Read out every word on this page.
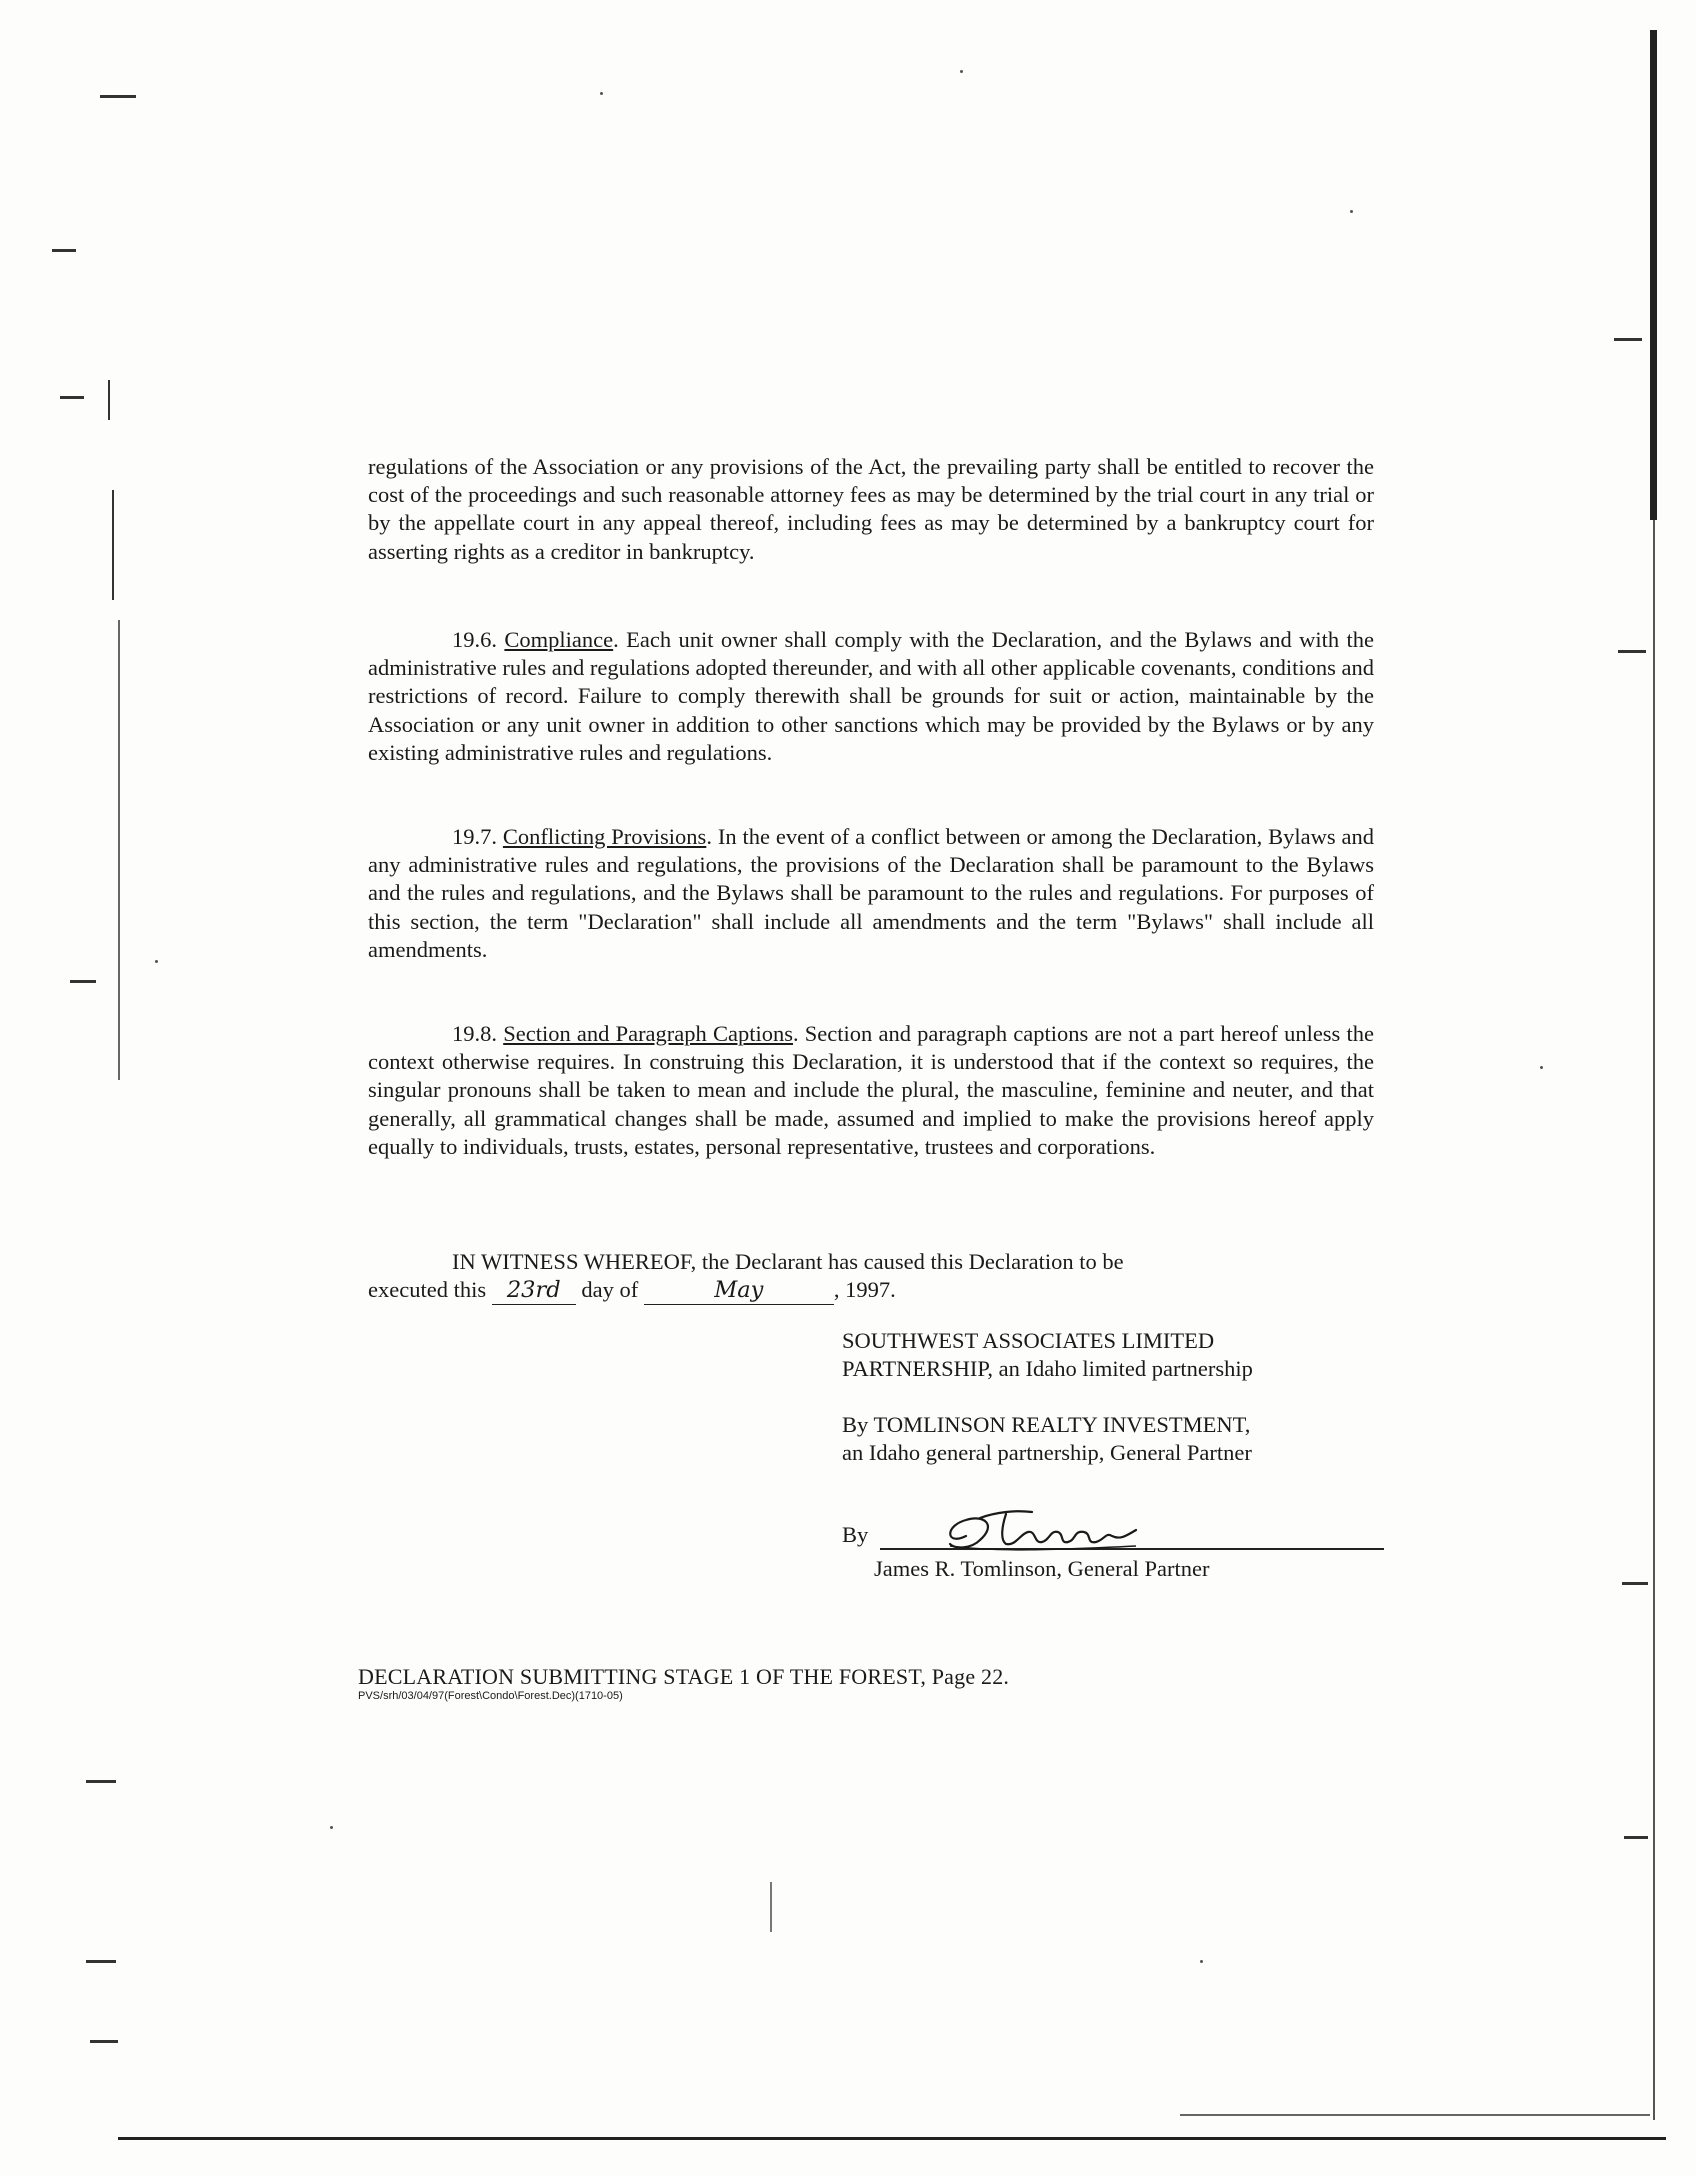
regulations of the Association or any provisions of the Act, the prevailing party shall be entitled to recover the cost of the proceedings and such reasonable attorney fees as may be determined by the trial court in any trial or by the appellate court in any appeal thereof, including fees as may be determined by a bankruptcy court for asserting rights as a creditor in bankruptcy.
19.6. Compliance. Each unit owner shall comply with the Declaration, and the Bylaws and with the administrative rules and regulations adopted thereunder, and with all other applicable covenants, conditions and restrictions of record. Failure to comply therewith shall be grounds for suit or action, maintainable by the Association or any unit owner in addition to other sanctions which may be provided by the Bylaws or by any existing administrative rules and regulations.
19.7. Conflicting Provisions. In the event of a conflict between or among the Declaration, Bylaws and any administrative rules and regulations, the provisions of the Declaration shall be paramount to the Bylaws and the rules and regulations, and the Bylaws shall be paramount to the rules and regulations. For purposes of this section, the term "Declaration" shall include all amendments and the term "Bylaws" shall include all amendments.
19.8. Section and Paragraph Captions. Section and paragraph captions are not a part hereof unless the context otherwise requires. In construing this Declaration, it is understood that if the context so requires, the singular pronouns shall be taken to mean and include the plural, the masculine, feminine and neuter, and that generally, all grammatical changes shall be made, assumed and implied to make the provisions hereof apply equally to individuals, trusts, estates, personal representative, trustees and corporations.
IN WITNESS WHEREOF, the Declarant has caused this Declaration to be
executed this 23rd day of	May	, 1997.
SOUTHWEST ASSOCIATES LIMITED
PARTNERSHIP, an Idaho limited partnership
By TOMLINSON REALTY INVESTMENT,
an Idaho general partnership, General Partner
By
James R. Tomlinson, General Partner
DECLARATION SUBMITTING STAGE 1 OF THE FOREST, Page 22.
PVS/srh/03/04/97(Forest\Condo\Forest.Dec)(1710-05)
